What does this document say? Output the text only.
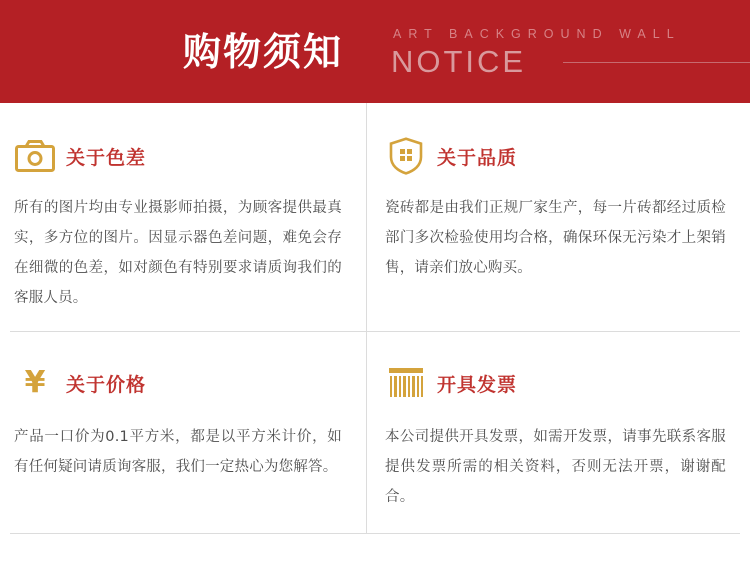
购物须知	ART BACKGROUND WALL
NOTICE
关于色差
所有的图片均由专业摄影师拍摄，为顾客提供最真实，多方位的图片。因显示器色差问题，难免会存在细微的色差，如对颜色有特别要求请质询我们的客服人员。
关于品质
瓷砖都是由我们正规厂家生产，每一片砖都经过质检部门多次检验使用均合格，确保环保无污染才上架销售，请亲们放心购买。
¥ 关于价格
产品一口价为0.1平方米，都是以平方米计价，如有任何疑问请质询客服，我们一定热心为您解答。
开具发票
本公司提供开具发票，如需开发票，请事先联系客服提供发票所需的相关资料，否则无法开票，谢谢配合。
